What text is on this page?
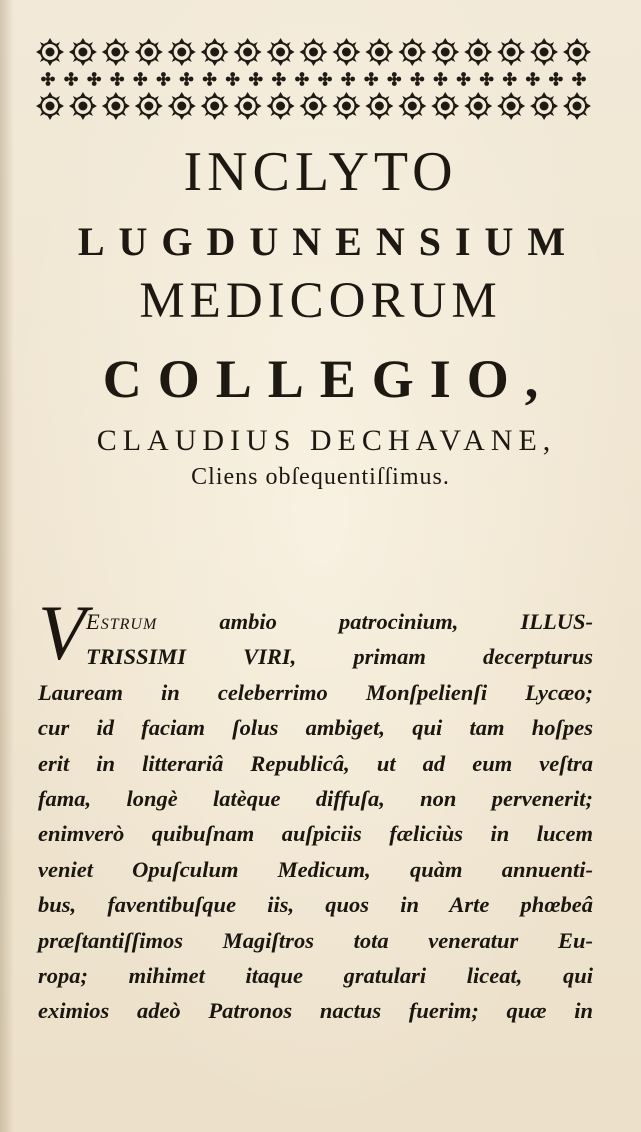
INCLYTO
LUGDUNENSIUM
MEDICORUM
COLLEGIO,
CLAUDIUS DECHAVANE,
Cliens obſequentiſſimus.
V Estrum	ambio patrocinium, ILLUS-
TRISSIMI VIRI, primam decerpturus
Lauream in celeberrimo Monſpelienſi Lycæo;
cur id faciam ſolus ambiget, qui tam hoſpes
erit in litterariâ Republicâ, ut ad eum veſtra
fama, longè latèque diffuſa, non pervenerit;
enimverò quibuſnam auſpiciis fæliciùs in lucem
veniet Opuſculum Medicum, quàm annuenti-
bus, faventibuſque iis, quos in Arte phœbeâ
præſtantiſſimos Magiſtros tota veneratur Eu-
ropa; mihimet itaque gratulari liceat, qui
eximios adeò Patronos nactus fuerim; quæ in
